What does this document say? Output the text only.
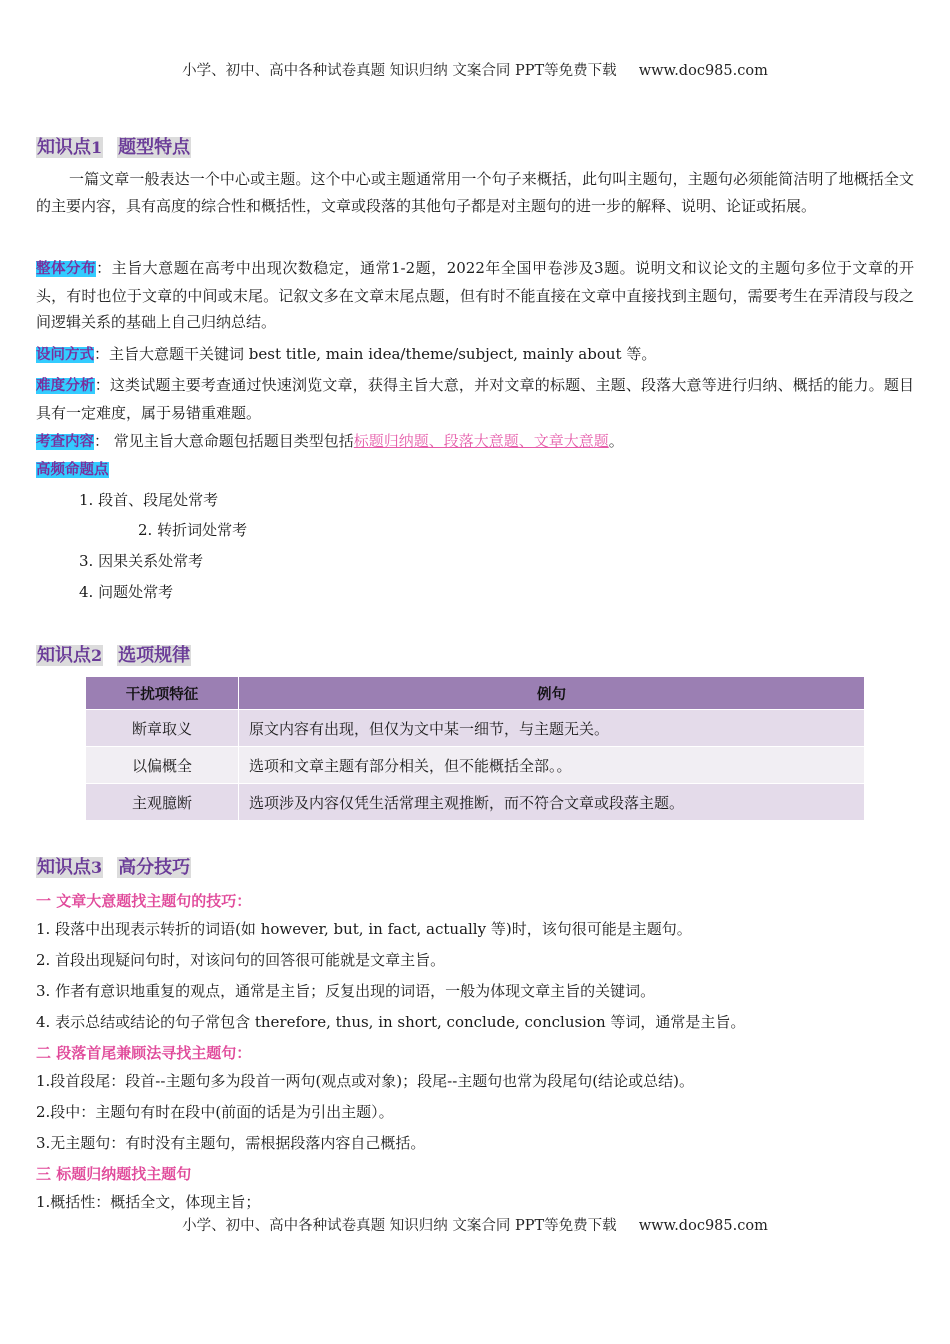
小学、初中、高中各种试卷真题 知识归纳 文案合同 PPT等免费下载 www.doc985.com
知识点1 题型特点
一篇文章一般表达一个中心或主题。这个中心或主题通常用一个句子来概括，此句叫主题句，主题句必须能简洁明了地概括全文的主要内容，具有高度的综合性和概括性，文章或段落的其他句子都是对主题句的进一步的解释、说明、论证或拓展。
整体分布：主旨大意题在高考中出现次数稳定，通常1-2题，2022年全国甲卷涉及3题。说明文和议论文的主题句多位于文章的开头，有时也位于文章的中间或末尾。记叙文多在文章末尾点题，但有时不能直接在文章中直接找到主题句，需要考生在弄清段与段之间逻辑关系的基础上自己归纳总结。
设问方式：主旨大意题干关键词 best title, main idea/theme/subject, mainly about 等。
难度分析：这类试题主要考查通过快速浏览文章，获得主旨大意，并对文章的标题、主题、段落大意等进行归纳、概括的能力。题目具有一定难度，属于易错重难题。
考查内容： 常见主旨大意命题包括题目类型包括标题归纳题、段落大意题、文章大意题。
高频命题点
1. 段首、段尾处常考
2. 转折词处常考
3. 因果关系处常考
4. 问题处常考
知识点2 选项规律
干扰项特征	例句
断章取义	原文内容有出现，但仅为文中某一细节，与主题无关。
以偏概全	选项和文章主题有部分相关，但不能概括全部。。
主观臆断	选项涉及内容仅凭生活常理主观推断，而不符合文章或段落主题。
知识点3 高分技巧
一 文章大意题找主题句的技巧：
1. 段落中出现表示转折的词语(如 however, but, in fact, actually 等)时，该句很可能是主题句。
2. 首段出现疑问句时，对该问句的回答很可能就是文章主旨。
3. 作者有意识地重复的观点，通常是主旨；反复出现的词语，一般为体现文章主旨的关键词。
4. 表示总结或结论的句子常包含 therefore, thus, in short, conclude, conclusion 等词，通常是主旨。
二 段落首尾兼顾法寻找主题句：
1.段首段尾：段首--主题句多为段首一两句(观点或对象)；段尾--主题句也常为段尾句(结论或总结)。
2.段中：主题句有时在段中(前面的话是为引出主题）。
3.无主题句：有时没有主题句，需根据段落内容自己概括。
三 标题归纳题找主题句
1.概括性：概括全文，体现主旨；
小学、初中、高中各种试卷真题 知识归纳 文案合同 PPT等免费下载 www.doc985.com
